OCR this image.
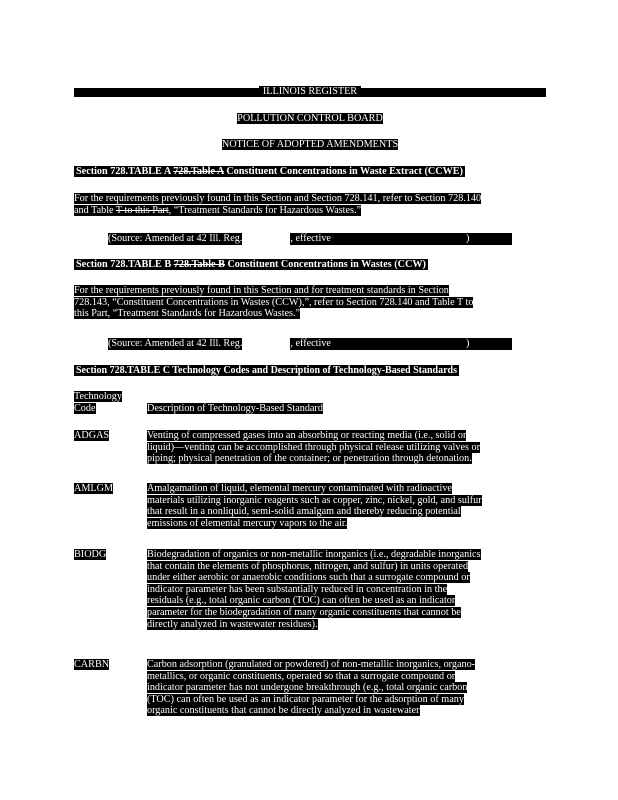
ILLINOIS REGISTER
POLLUTION CONTROL BOARD
NOTICE OF ADOPTED AMENDMENTS
Section 728.TABLE A 728.Table A Constituent Concentrations in Waste Extract (CCWE)
For the requirements previously found in this Section and Section 728.141, refer to Section 728.140
and Table T to this Part, “Treatment Standards for Hazardous Wastes.”
(Source: Amended at 42 Ill. Reg.	, effective	)
Section 728.TABLE B 728.Table B Constituent Concentrations in Wastes (CCW)
For the requirements previously found in this Section and for treatment standards in Section
728.143, “Constituent Concentrations in Wastes (CCW),”, refer to Section 728.140 and Table T to
this Part, “Treatment Standards for Hazardous Wastes.”
(Source: Amended at 42 Ill. Reg.	, effective	)
Section 728.TABLE C Technology Codes and Description of Technology-Based Standards
Technology
Code	Description of Technology-Based Standard
ADGAS	Venting of compressed gases into an absorbing or reacting media (i.e., solid or
liquid)—venting can be accomplished through physical release utilizing valves or
piping; physical penetration of the container; or penetration through detonation.
AMLGM	Amalgamation of liquid, elemental mercury contaminated with radioactive
materials utilizing inorganic reagents such as copper, zinc, nickel, gold, and sulfur
that result in a nonliquid, semi-solid amalgam and thereby reducing potential
emissions of elemental mercury vapors to the air.
BIODG	Biodegradation of organics or non-metallic inorganics (i.e., degradable inorganics
that contain the elements of phosphorus, nitrogen, and sulfur) in units operated
under either aerobic or anaerobic conditions such that a surrogate compound or
indicator parameter has been substantially reduced in concentration in the
residuals (e.g., total organic carbon (TOC) can often be used as an indicator
parameter for the biodegradation of many organic constituents that cannot be
directly analyzed in wastewater residues).
CARBN	Carbon adsorption (granulated or powdered) of non-metallic inorganics, organo-
metallics, or organic constituents, operated so that a surrogate compound or
indicator parameter has not undergone breakthrough (e.g., total organic carbon
(TOC) can often be used as an indicator parameter for the adsorption of many
organic constituents that cannot be directly analyzed in wastewater
